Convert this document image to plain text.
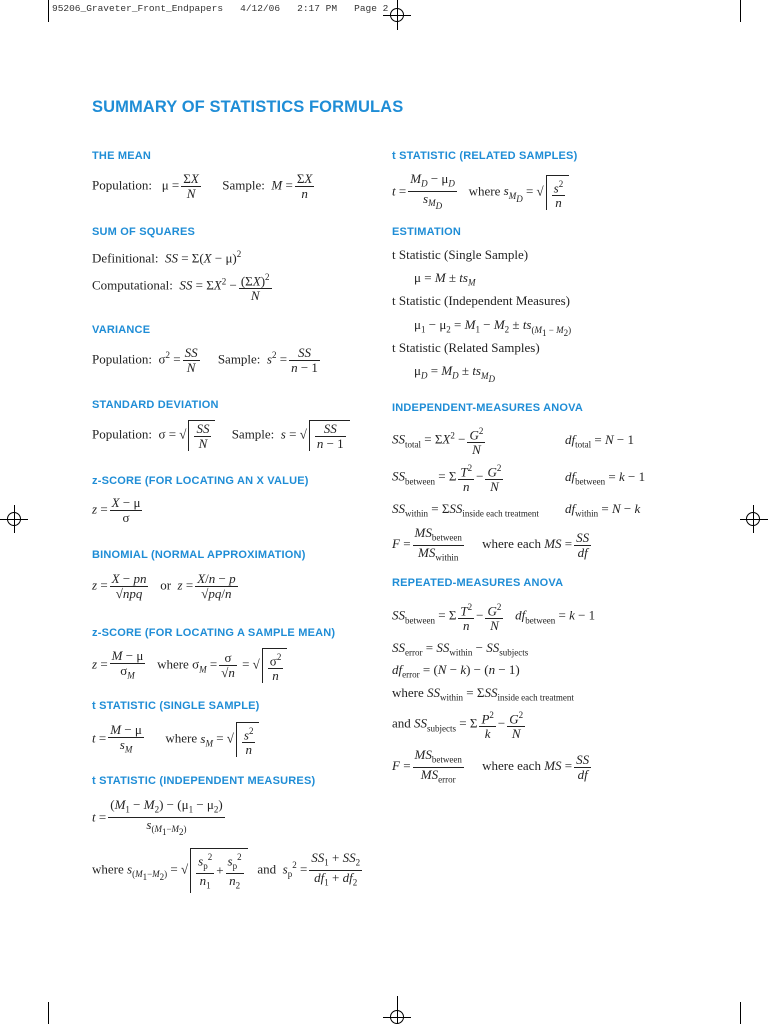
95206_Graveter_Front_Endpapers   4/12/06   2:17 PM   Page 2
SUMMARY OF STATISTICS FORMULAS
THE MEAN
Population:   $\mu = \frac{\Sigma X}{N}$ Sample: $M = \frac{\Sigma X}{n}$
SUM OF SQUARES
Definitional: SS = $\Sigma(X - \mu)^2$
Computational: SS = $\Sigma X^2 - \frac{(\Sigma X)^2}{N}$
VARIANCE
Population:  $\sigma^2 = \frac{SS}{N}$ Sample: $s^2 = \frac{SS}{n - 1}$
STANDARD DEVIATION
Population:  σ = √ $\frac{SS}{N}$ Sample: s = √ $\frac{SS}{n - 1}$
z-SCORE (FOR LOCATING AN X VALUE)
$z = \frac{X - \mu}{\sigma}$
BINOMIAL (NORMAL APPROXIMATION)
z = X − pn
√npq
or $z = \frac{X/n - p}{√pq/n}$
z-SCORE (FOR LOCATING A SAMPLE MEAN)
$z = \frac{M - \mu}{\sigma_M}$ where $\sigma_M = \frac{\sigma}{√n}$ = √ $\frac{\sigma^2}{n}$
t STATISTIC (SINGLE SAMPLE)
$t = \frac{M - \mu}{s_M}$ where $s_M$ = √ $\frac{s^2}{n}$
t STATISTIC (INDEPENDENT MEASURES)
$t = \frac{(M_1 - M_2) - (\mu_1 - \mu_2)}{s_{(M_1-M_2)}}$
where $s_{(M_1-M_2)}$ = √ $\frac{s_p^2}{n_1} + \frac{s_p^2}{n_2}$ and $s_p^2 = \frac{SS_1 + SS_2}{df_1 + df_2}$
t STATISTIC (RELATED SAMPLES)
t =
$M_D - \mu_D$
$s_{M_D}$
where $s_{M_D}$ = √ $\frac{s^2}{n}$
ESTIMATION
t Statistic (Single Sample)
$\mu = M \pm ts_M$
t Statistic (Independent Measures)
$\mu_1 - \mu_2 = M_1 - M_2 \pm ts_{(M_1 - M_2)}$
t Statistic (Related Samples)
$\mu_D = M_D \pm ts_{M_D}$
INDEPENDENT-MEASURES ANOVA
$SS_{total} = \Sigma X^2 - \frac{G^2}{N}$	$df_{total} = N - 1$
$SS_{between} = \Sigma \frac{T^2}{n} - \frac{G^2}{N}$	$df_{between} = k - 1$
$SS_{within} = \Sigma SS_{inside each treatment}$ $df_{within} = N - k$
F =
$MS_{between}$
$MS_{within}$
where each MS = $\frac{SS}{df}$
REPEATED-MEASURES ANOVA
$SS_{between} = \Sigma \frac{T^2}{n} - \frac{G^2}{N} df_{between} = k - 1$
$SS_{error} = SS_{within} - SS_{subjects}$
$df_{error} = (N - k) - (n - 1)$
where $SS_{within} = \Sigma SS_{inside each treatment}$
and $SS_{subjects} = \Sigma \frac{P^2}{k} - \frac{G^2}{N}$
F =
$MS_{between}$
$MS_{error}$
where each MS = $\frac{SS}{df}$
